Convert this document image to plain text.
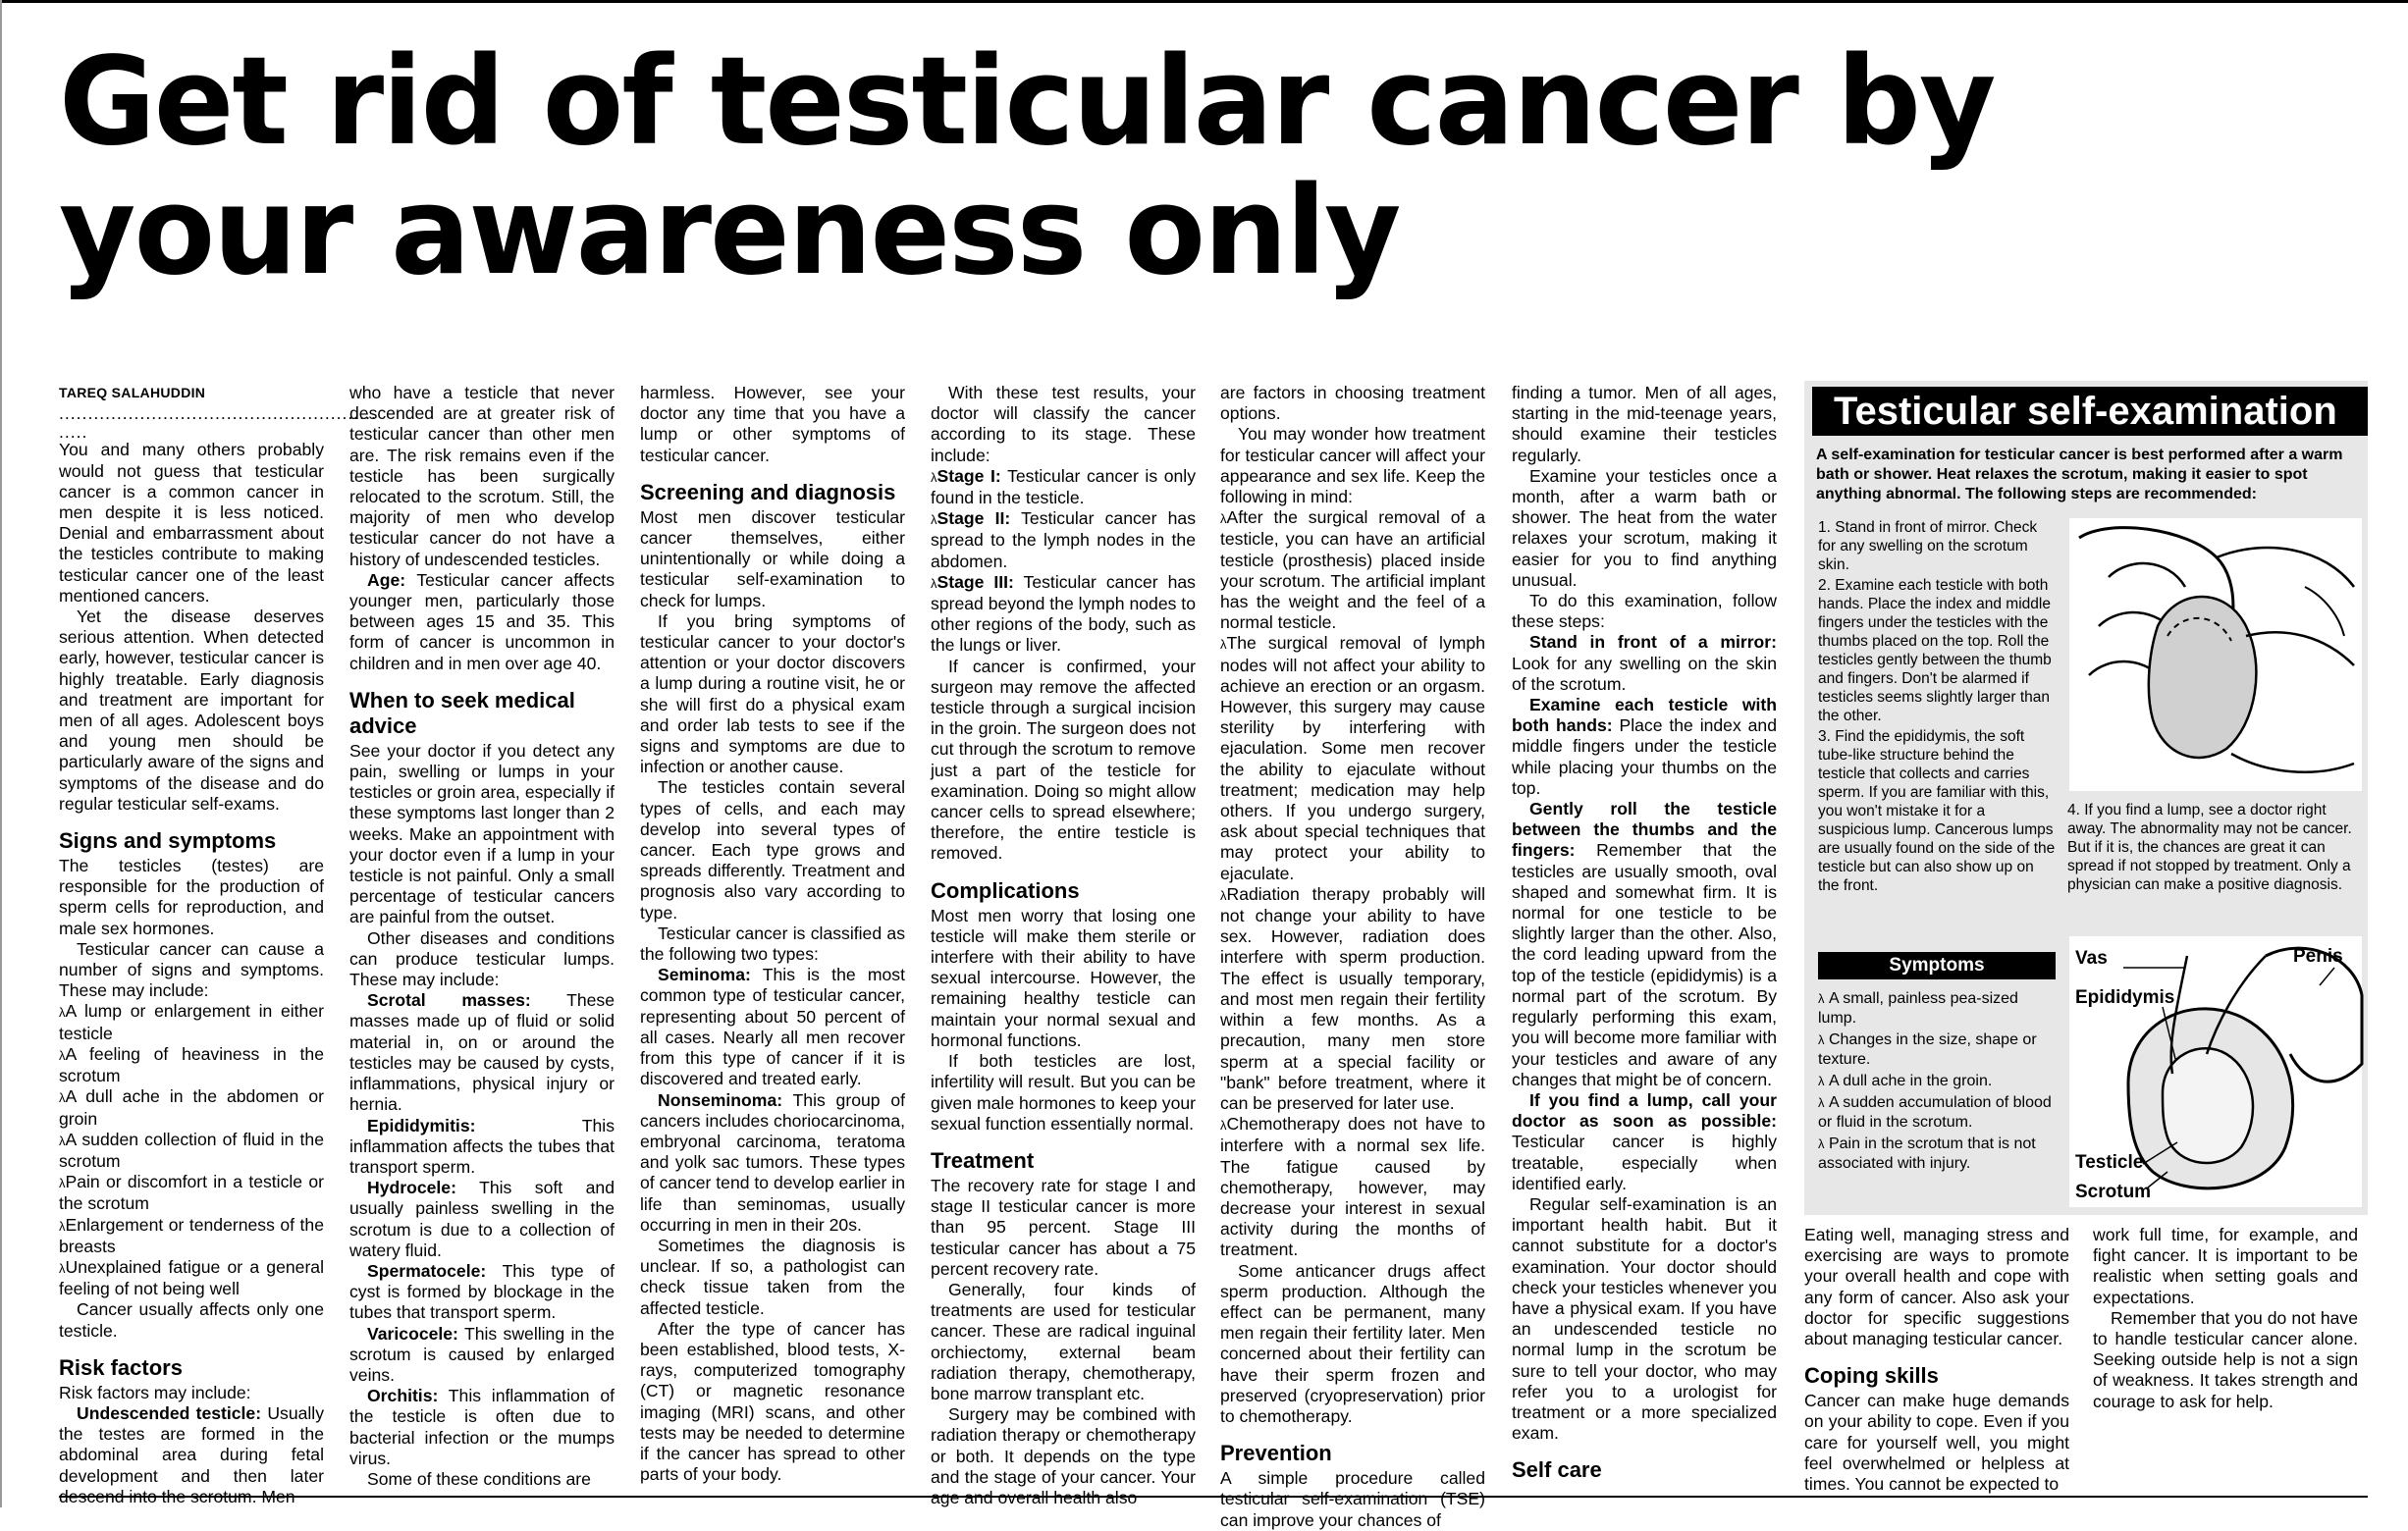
Get rid of testicular cancer by your awareness only
TAREQ SALAHUDDIN
.......................................................
.....

You and many others probably would not guess that testicular cancer is a common cancer in men despite it is less noticed. Denial and embarrassment about the testicles contribute to making testicular cancer one of the least mentioned cancers.

Yet the disease deserves serious attention. When detected early, however, testicular cancer is highly treatable. Early diagnosis and treatment are important for men of all ages. Adolescent boys and young men should be particularly aware of the signs and symptoms of the disease and do regular testicular self-exams.

Signs and symptoms

The testicles (testes) are responsible for the production of sperm cells for reproduction, and male sex hormones.

Testicular cancer can cause a number of signs and symptoms. These may include:

λA lump or enlargement in either testicle

λA feeling of heaviness in the scrotum

λA dull ache in the abdomen or groin

λA sudden collection of fluid in the scrotum

λPain or discomfort in a testicle or the scrotum

λEnlargement or tenderness of the breasts

λUnexplained fatigue or a general feeling of not being well

Cancer usually affects only one testicle.

Risk factors

Risk factors may include:

Undescended testicle: Usually the testes are formed in the abdominal area during fetal development and then later descend into the scrotum. Men

who have a testicle that never descended are at greater risk of testicular cancer than other men are. The risk remains even if the testicle has been surgically relocated to the scrotum. Still, the majority of men who develop testicular cancer do not have a history of undescended testicles.

Age: Testicular cancer affects younger men, particularly those between ages 15 and 35. This form of cancer is uncommon in children and in men over age 40.

When to seek medical advice

See your doctor if you detect any pain, swelling or lumps in your testicles or groin area, especially if these symptoms last longer than 2 weeks. Make an appointment with your doctor even if a lump in your testicle is not painful. Only a small percentage of testicular cancers are painful from the outset.

Other diseases and conditions can produce testicular lumps. These may include:

Scrotal masses: These masses made up of fluid or solid material in, on or around the testicles may be caused by cysts, inflammations, physical injury or hernia.

Epididymitis: This inflammation affects the tubes that transport sperm.

Hydrocele: This soft and usually painless swelling in the scrotum is due to a collection of watery fluid.

Spermatocele: This type of cyst is formed by blockage in the tubes that transport sperm.

Varicocele: This swelling in the scrotum is caused by enlarged veins.

Orchitis: This inflammation of the testicle is often due to bacterial infection or the mumps virus.

Some of these conditions are

harmless. However, see your doctor any time that you have a lump or other symptoms of testicular cancer.

Screening and diagnosis

Most men discover testicular cancer themselves, either unintentionally or while doing a testicular self-examination to check for lumps.

If you bring symptoms of testicular cancer to your doctor's attention or your doctor discovers a lump during a routine visit, he or she will first do a physical exam and order lab tests to see if the signs and symptoms are due to infection or another cause.

The testicles contain several types of cells, and each may develop into several types of cancer. Each type grows and spreads differently. Treatment and prognosis also vary according to type.

Testicular cancer is classified as the following two types:

Seminoma: This is the most common type of testicular cancer, representing about 50 percent of all cases. Nearly all men recover from this type of cancer if it is discovered and treated early.

Nonseminoma: This group of cancers includes choriocarcinoma, embryonal carcinoma, teratoma and yolk sac tumors. These types of cancer tend to develop earlier in life than seminomas, usually occurring in men in their 20s.

Sometimes the diagnosis is unclear. If so, a pathologist can check tissue taken from the affected testicle.

After the type of cancer has been established, blood tests, X-rays, computerized tomography (CT) or magnetic resonance imaging (MRI) scans, and other tests may be needed to determine if the cancer has spread to other parts of your body.

With these test results, your doctor will classify the cancer according to its stage. These include:

λStage I: Testicular cancer is only found in the testicle.

λStage II: Testicular cancer has spread to the lymph nodes in the abdomen.

λStage III: Testicular cancer has spread beyond the lymph nodes to other regions of the body, such as the lungs or liver.

If cancer is confirmed, your surgeon may remove the affected testicle through a surgical incision in the groin. The surgeon does not cut through the scrotum to remove just a part of the testicle for examination. Doing so might allow cancer cells to spread elsewhere; therefore, the entire testicle is removed.

Complications

Most men worry that losing one testicle will make them sterile or interfere with their ability to have sexual intercourse. However, the remaining healthy testicle can maintain your normal sexual and hormonal functions.

If both testicles are lost, infertility will result. But you can be given male hormones to keep your sexual function essentially normal.

Treatment

The recovery rate for stage I and stage II testicular cancer is more than 95 percent. Stage III testicular cancer has about a 75 percent recovery rate.

Generally, four kinds of treatments are used for testicular cancer. These are radical inguinal orchiectomy, external beam radiation therapy, chemotherapy, bone marrow transplant etc.

Surgery may be combined with radiation therapy or chemotherapy or both. It depends on the type and the stage of your cancer. Your age and overall health also

are factors in choosing treatment options.

You may wonder how treatment for testicular cancer will affect your appearance and sex life. Keep the following in mind:

λAfter the surgical removal of a testicle, you can have an artificial testicle (prosthesis) placed inside your scrotum. The artificial implant has the weight and the feel of a normal testicle.

λThe surgical removal of lymph nodes will not affect your ability to achieve an erection or an orgasm. However, this surgery may cause sterility by interfering with ejaculation. Some men recover the ability to ejaculate without treatment; medication may help others. If you undergo surgery, ask about special techniques that may protect your ability to ejaculate.

λRadiation therapy probably will not change your ability to have sex. However, radiation does interfere with sperm production. The effect is usually temporary, and most men regain their fertility within a few months. As a precaution, many men store sperm at a special facility or "bank" before treatment, where it can be preserved for later use.

λChemotherapy does not have to interfere with a normal sex life. The fatigue caused by chemotherapy, however, may decrease your interest in sexual activity during the months of treatment.

Some anticancer drugs affect sperm production. Although the effect can be permanent, many men regain their fertility later. Men concerned about their fertility can have their sperm frozen and preserved (cryopreservation) prior to chemotherapy.

Prevention

A simple procedure called testicular self-examination (TSE) can improve your chances of

finding a tumor. Men of all ages, starting in the mid-teenage years, should examine their testicles regularly.

Examine your testicles once a month, after a warm bath or shower. The heat from the water relaxes your scrotum, making it easier for you to find anything unusual.

To do this examination, follow these steps:

Stand in front of a mirror: Look for any swelling on the skin of the scrotum.

Examine each testicle with both hands: Place the index and middle fingers under the testicle while placing your thumbs on the top.

Gently roll the testicle between the thumbs and the fingers: Remember that the testicles are usually smooth, oval shaped and somewhat firm. It is normal for one testicle to be slightly larger than the other. Also, the cord leading upward from the top of the testicle (epididymis) is a normal part of the scrotum. By regularly performing this exam, you will become more familiar with your testicles and aware of any changes that might be of concern.

If you find a lump, call your doctor as soon as possible: Testicular cancer is highly treatable, especially when identified early.

Regular self-examination is an important health habit. But it cannot substitute for a doctor's examination. Your doctor should check your testicles whenever you have a physical exam. If you have an undescended testicle no normal lump in the scrotum be sure to tell your doctor, who may refer you to a urologist for treatment or a more specialized exam.

Self care

Eating well, managing stress and exercising are ways to promote your overall health and cope with any form of cancer. Also ask your doctor for specific suggestions about managing testicular cancer.

Coping skills

Cancer can make huge demands on your ability to cope. Even if you care for yourself well, you might feel overwhelmed or helpless at times. You cannot be expected to

work full time, for example, and fight cancer. It is important to be realistic when setting goals and expectations.

Remember that you do not have to handle testicular cancer alone. Seeking outside help is not a sign of weakness. It takes strength and courage to ask for help.

Testicular self-examination

A self-examination for testicular cancer is best performed after a warm bath or shower. Heat relaxes the scrotum, making it easier to spot anything abnormal. The following steps are recommended:

1. Stand in front of mirror. Check for any swelling on the scrotum skin.

2. Examine each testicle with both hands. Place the index and middle fingers under the testicles with the thumbs placed on the top. Roll the testicles gently between the thumb and fingers. Don't be alarmed if testicles seems slightly larger than the other.

3. Find the epididymis, the soft tube-like structure behind the testicle that collects and carries sperm. If you are familiar with this, you won't mistake it for a suspicious lump. Cancerous lumps are usually found on the side of the testicle but can also show up on the front.

4. If you find a lump, see a doctor right away. The abnormality may not be cancer. But if it is, the chances are great it can spread if not stopped by treatment. Only a physician can make a positive diagnosis.
Symptoms

λ A small, painless pea-sized lump.

λ Changes in the size, shape or texture.

λ A dull ache in the groin.

λ A sudden accumulation of blood or fluid in the scrotum.

λ Pain in the scrotum that is not associated with injury.

Vas	Penis
Epididymis
Testicle
Scrotum
